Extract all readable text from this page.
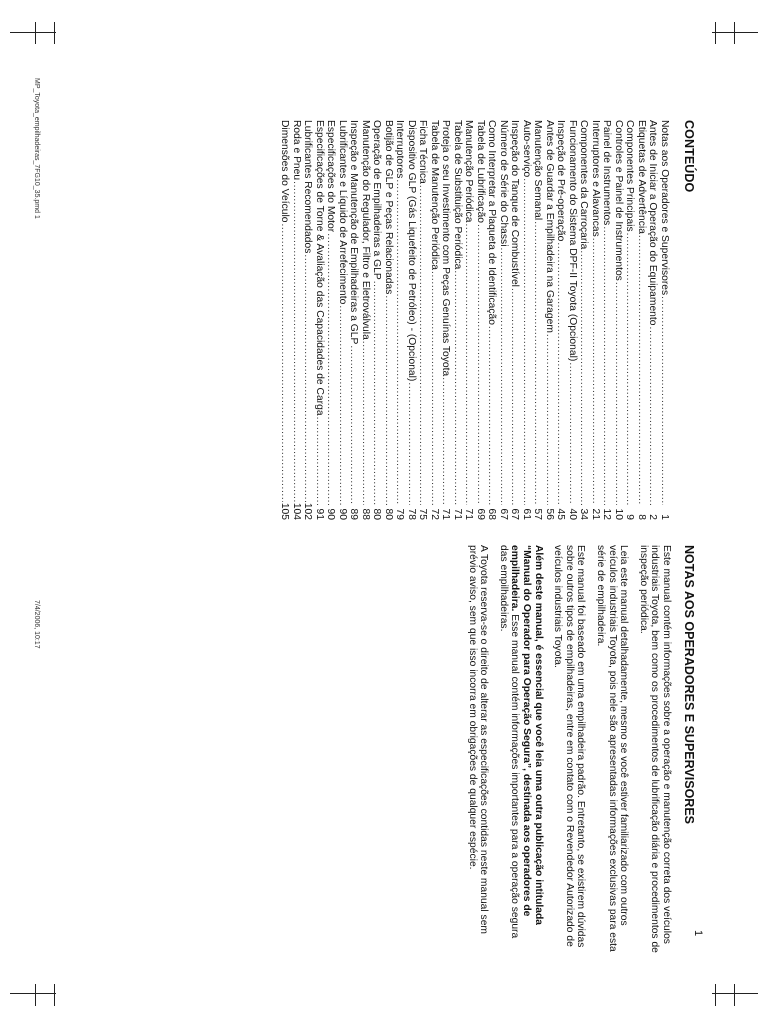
MP_Toyota_empilhadeiras_7FG10_35.pmd 1
7/4/2006, 10:17
CONTEÚDO
Notas aos Operadores e Supervisores
.....
1
Antes de Iniciar a Operação do Equipamento
.....
2
Etiquetas de Advertência
.....
8
Componentes Principais
.....
9
Controles e Painel de Instrumentos
.....
10
Painel de Instrumentos
.....
12
Interruptores e Alavancas
.....
21
Componentes da Carroçaria
.....
34
Funcionamento do Sistema DPF-II Toyota (Opcional)
.....
40
Inspeção de Pré-operação
.....
45
Antes de Guardar a Empilhadeira na Garagem
.....
56
Manutenção Semanal
.....
57
Auto-serviço
.....
61
Inspeção do Tanque de Combustível
.....
67
Número de Série do Chassi
.....
67
Como Interpretar a Plaqueta de Identificação
.....
68
Tabela de Lubrificação
.....
69
Manutenção Periódica
.....
71
Tabela de Substituição Periódica
.....
71
Proteja o seu Investimento com Peças Genuínas Toyota
.....
71
Tabela de Manutenção Periódica
.....
72
Ficha Técnica
.....
75
Dispositivo GLP (Gás Liquefeito de Petróleo) - (Opcional)
.....
78
Interruptores
.....
79
Botijão de GLP e Peças Relacionadas
.....
80
Operação de Empilhadeiras a GLP
.....
80
Manutenção do Regulador, Filtro e Eletroválvula
.....
88
Inspeção e Manutenção de Empilhadeiras a GLP
.....
89
Lubrificantes e Líquido de Arrefecimento
.....
90
Especificações do Motor
.....
90
Especificações de Torne & Avaliação das Capacidades de Carga
.....
91
Lubrificantes Recomendados
.....
102
Roda e Pneu
.....
104
Dimensões do Veículo
.....
105
NOTAS AOS OPERADORES E SUPERVISORES

Este manual contém informações sobre a operação e manutenção correta dos veículos industriais Toyota, bem como os procedimentos de lubrificação diária e procedimentos de inspeção periódica.

Leia este manual detalhadamente, mesmo se você estiver familiarizado com outros veículos industriais Toyota, pois nele são apresentadas informações exclusivas para esta série de empilhadeira.

Este manual foi baseado em uma empilhadeira padrão. Entretanto, se existirem dúvidas sobre outros tipos de empilhadeiras, entre em contato com o Revendedor Autorizado de veículos industriais Toyota.

Além deste manual, é essencial que você leia uma outra publicação intitulada “Manual do Operador para Operação Segura”, destinada aos operadores de empilhadeira. Esse manual contém informações importantes para a operação segura das empilhadeiras.

A Toyota reserva-se o direito de alterar as especificações contidas neste manual sem prévio aviso, sem que isso incorra em obrigações de qualquer espécie.

1
